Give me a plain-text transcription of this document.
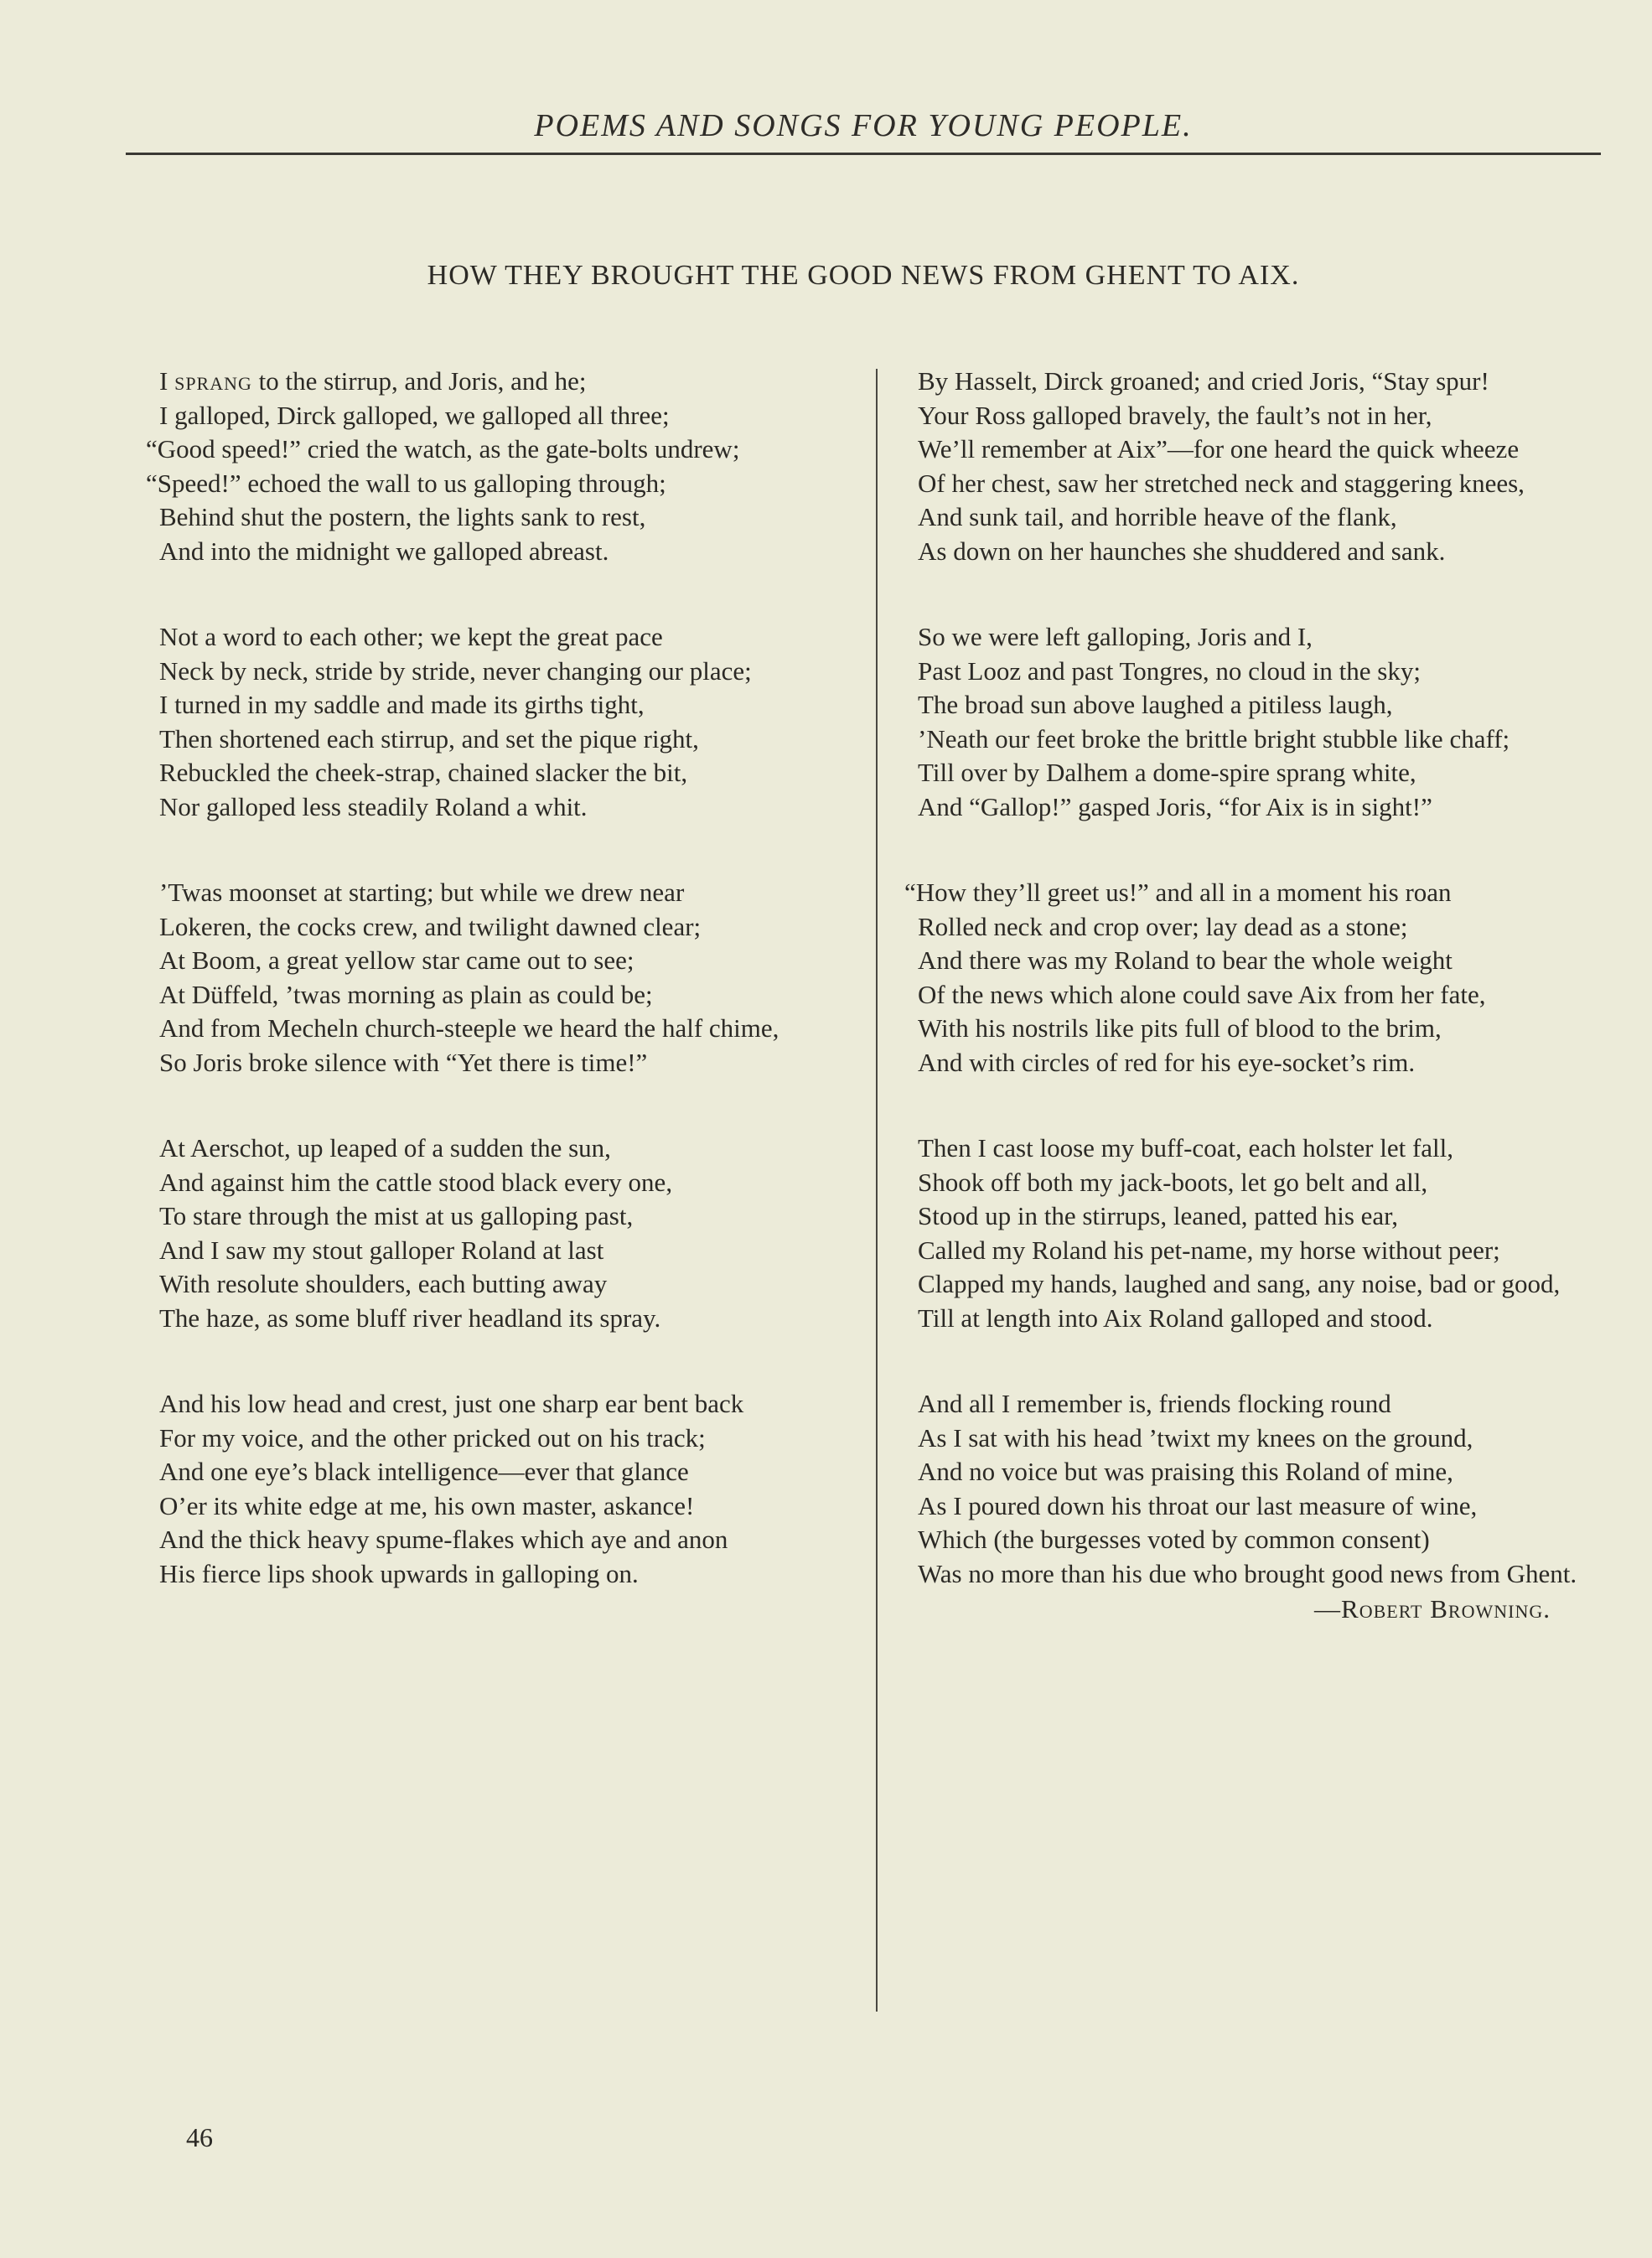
POEMS AND SONGS FOR YOUNG PEOPLE.
HOW THEY BROUGHT THE GOOD NEWS FROM GHENT TO AIX.
I sprang to the stirrup, and Joris, and he;
I galloped, Dirck galloped, we galloped all three;
“Good speed!” cried the watch, as the gate-bolts undrew;
“Speed!” echoed the wall to us galloping through;
Behind shut the postern, the lights sank to rest,
And into the midnight we galloped abreast.
Not a word to each other; we kept the great pace
Neck by neck, stride by stride, never changing our place;
I turned in my saddle and made its girths tight,
Then shortened each stirrup, and set the pique right,
Rebuckled the cheek-strap, chained slacker the bit,
Nor galloped less steadily Roland a whit.
’Twas moonset at starting; but while we drew near
Lokeren, the cocks crew, and twilight dawned clear;
At Boom, a great yellow star came out to see;
At Düffeld, ’twas morning as plain as could be;
And from Mecheln church-steeple we heard the half chime,
So Joris broke silence with “Yet there is time!”
At Aerschot, up leaped of a sudden the sun,
And against him the cattle stood black every one,
To stare through the mist at us galloping past,
And I saw my stout galloper Roland at last
With resolute shoulders, each butting away
The haze, as some bluff river headland its spray.
And his low head and crest, just one sharp ear bent back
For my voice, and the other pricked out on his track;
And one eye’s black intelligence—ever that glance
O’er its white edge at me, his own master, askance!
And the thick heavy spume-flakes which aye and anon
His fierce lips shook upwards in galloping on.
By Hasselt, Dirck groaned; and cried Joris, “Stay spur!
Your Ross galloped bravely, the fault’s not in her,
We’ll remember at Aix”—for one heard the quick wheeze
Of her chest, saw her stretched neck and staggering knees,
And sunk tail, and horrible heave of the flank,
As down on her haunches she shuddered and sank.
So we were left galloping, Joris and I,
Past Looz and past Tongres, no cloud in the sky;
The broad sun above laughed a pitiless laugh,
’Neath our feet broke the brittle bright stubble like chaff;
Till over by Dalhem a dome-spire sprang white,
And “Gallop!” gasped Joris, “for Aix is in sight!”
“How they’ll greet us!” and all in a moment his roan
Rolled neck and crop over; lay dead as a stone;
And there was my Roland to bear the whole weight
Of the news which alone could save Aix from her fate,
With his nostrils like pits full of blood to the brim,
And with circles of red for his eye-socket’s rim.
Then I cast loose my buff-coat, each holster let fall,
Shook off both my jack-boots, let go belt and all,
Stood up in the stirrups, leaned, patted his ear,
Called my Roland his pet-name, my horse without peer;
Clapped my hands, laughed and sang, any noise, bad or good,
Till at length into Aix Roland galloped and stood.
And all I remember is, friends flocking round
As I sat with his head ’twixt my knees on the ground,
And no voice but was praising this Roland of mine,
As I poured down his throat our last measure of wine,
Which (the burgesses voted by common consent)
Was no more than his due who brought good news from Ghent.
—Robert Browning.
46
